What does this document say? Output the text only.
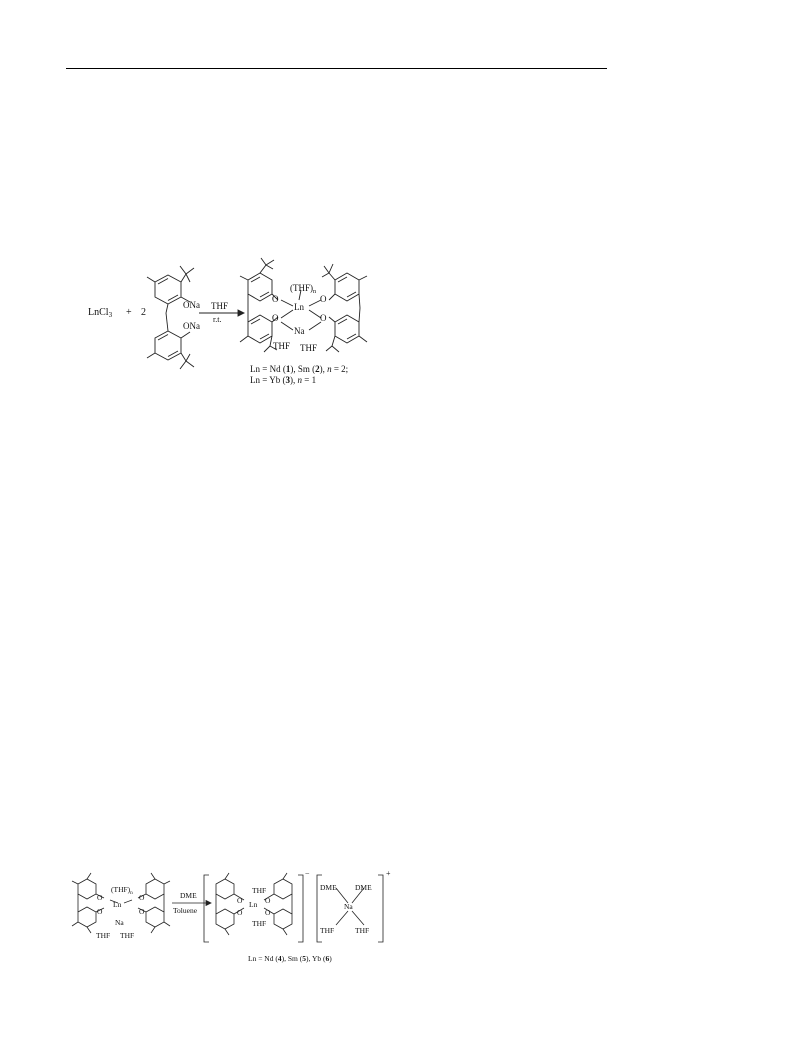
LnCl$_3$ + 2
ONa
ONa
THF
r.t.
$(THF)_n$
Ln
O	O
O	O
Na
THF THF
Ln = Nd (1), Sm (2), n = 2;
Ln = Yb (3), n = 1
$(THF)_n$
Ln
O	O
O	O
Na
THF THF
DME
Toluene
THF
Ln
O	O
O	O
THF
−
DME DME
Na
THF	THF
+
Ln = Nd (4), Sm (5), Yb (6)
